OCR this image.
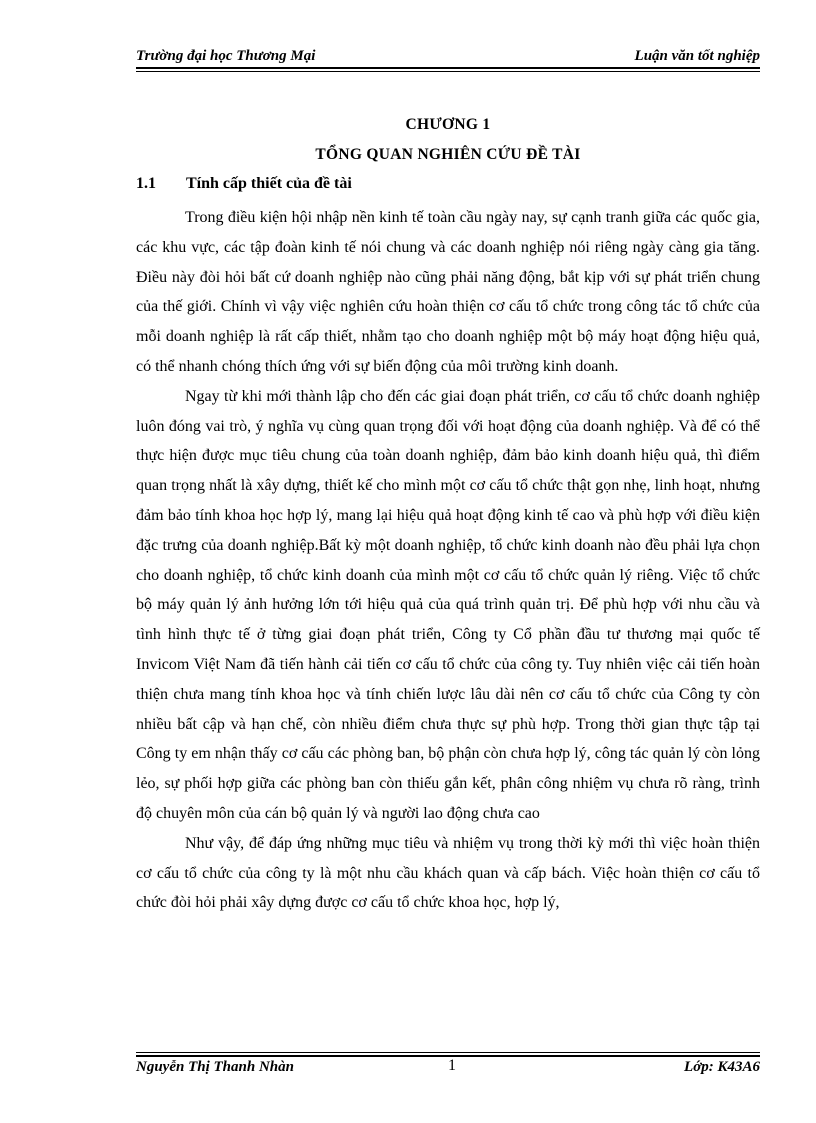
Trường đại học Thương Mại	Luận văn tốt nghiệp
CHƯƠNG 1
TỔNG QUAN NGHIÊN CỨU ĐỀ TÀI
1.1 Tính cấp thiết của đề tài

Trong điều kiện hội nhập nền kinh tế toàn cầu ngày nay, sự cạnh tranh giữa các quốc gia, các khu vực, các tập đoàn kinh tế nói chung và các doanh nghiệp nói riêng ngày càng gia tăng. Điều này đòi hỏi bất cứ doanh nghiệp nào cũng phải năng động, bắt kịp với sự phát triển chung của thế giới. Chính vì vậy việc nghiên cứu hoàn thiện cơ cấu tổ chức trong công tác tổ chức của mỗi doanh nghiệp là rất cấp thiết, nhằm tạo cho doanh nghiệp một bộ máy hoạt động hiệu quả, có thể nhanh chóng thích ứng với sự biến động của môi trường kinh doanh.

Ngay từ khi mới thành lập cho đến các giai đoạn phát triển, cơ cấu tổ chức doanh nghiệp luôn đóng vai trò, ý nghĩa vụ cùng quan trọng đối với hoạt động của doanh nghiệp. Và để có thể thực hiện được mục tiêu chung của toàn doanh nghiệp, đảm bảo kinh doanh hiệu quả, thì điểm quan trọng nhất là xây dựng, thiết kế cho mình một cơ cấu tổ chức thật gọn nhẹ, linh hoạt, nhưng đảm bảo tính khoa học hợp lý, mang lại hiệu quả hoạt động kinh tế cao và phù hợp với điều kiện đặc trưng của doanh nghiệp.Bất kỳ một doanh nghiệp, tổ chức kinh doanh nào đều phải lựa chọn cho doanh nghiệp, tổ chức kinh doanh của mình một cơ cấu tổ chức quản lý riêng. Việc tổ chức bộ máy quản lý ảnh hưởng lớn tới hiệu quả của quá trình quản trị. Để phù hợp với nhu cầu và tình hình thực tế ở từng giai đoạn phát triển, Công ty Cổ phần đầu tư thương mại quốc tế Invicom Việt Nam đã tiến hành cải tiến cơ cấu tổ chức của công ty. Tuy nhiên việc cải tiến hoàn thiện chưa mang tính khoa học và tính chiến lược lâu dài nên cơ cấu tổ chức của Công ty còn nhiều bất cập và hạn chế, còn nhiều điểm chưa thực sự phù hợp. Trong thời gian thực tập tại Công ty em nhận thấy cơ cấu các phòng ban, bộ phận còn chưa hợp lý, công tác quản lý còn lỏng lẻo, sự phối hợp giữa các phòng ban còn thiếu gắn kết, phân công nhiệm vụ chưa rõ ràng, trình độ chuyên môn của cán bộ quản lý và người lao động chưa cao

Như vậy, để đáp ứng những mục tiêu và nhiệm vụ trong thời kỳ mới thì việc hoàn thiện cơ cấu tổ chức của công ty là một nhu cầu khách quan và cấp bách. Việc hoàn thiện cơ cấu tổ chức đòi hỏi phải xây dựng được cơ cấu tổ chức khoa học, hợp lý,

Nguyễn Thị Thanh Nhàn	1	Lớp: K43A6
